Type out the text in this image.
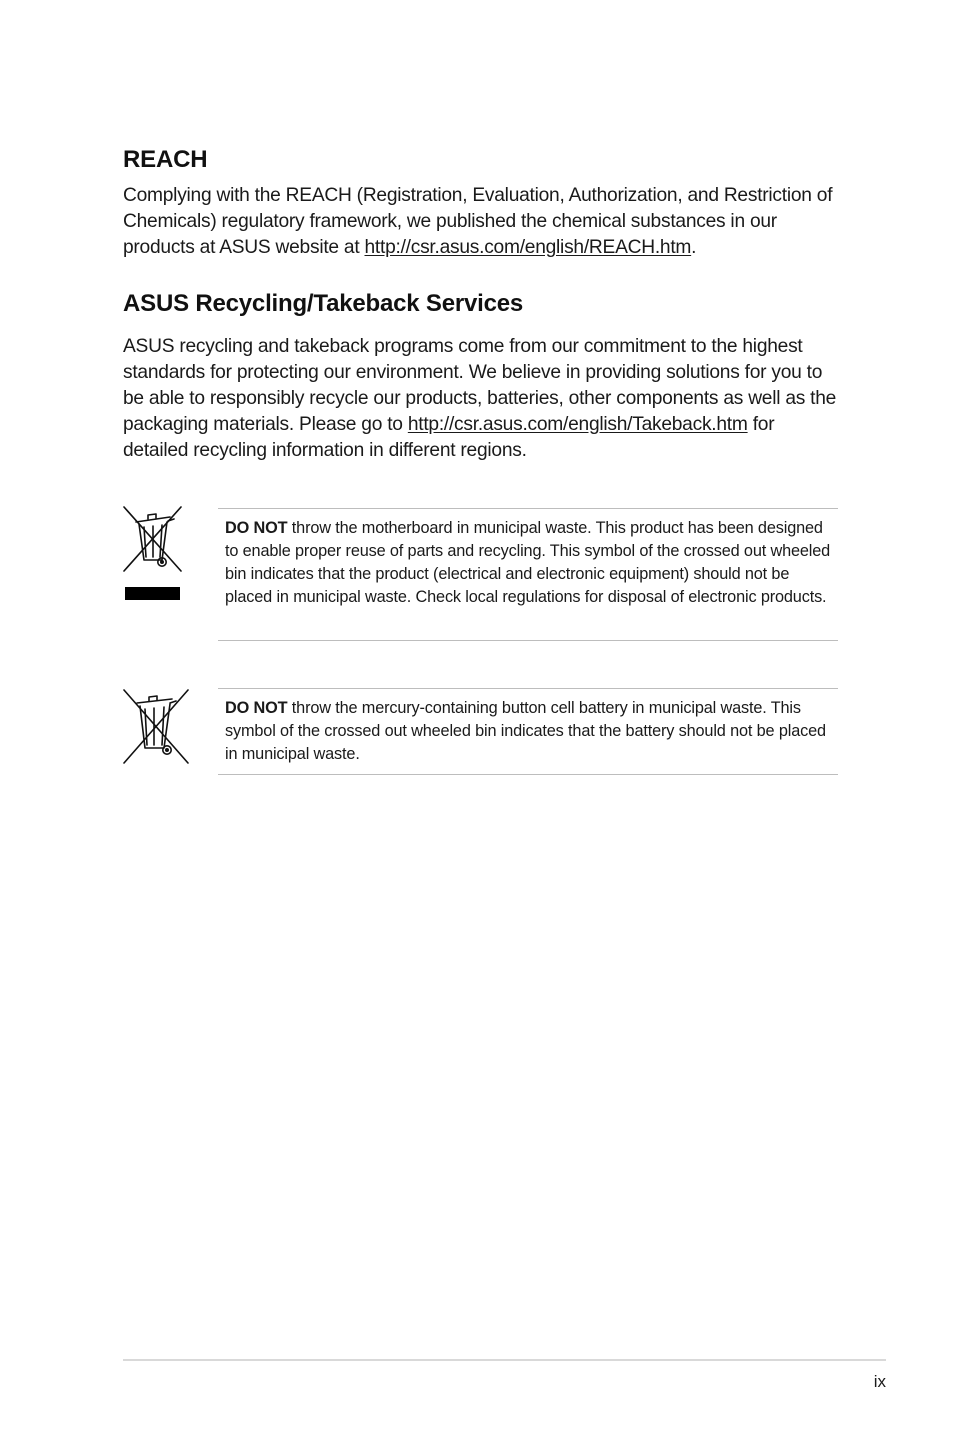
REACH

Complying with the REACH (Registration, Evaluation, Authorization, and Restriction of Chemicals) regulatory framework, we published the chemical substances in our products at ASUS website at http://csr.asus.com/english/REACH.htm.

ASUS Recycling/Takeback Services

ASUS recycling and takeback programs come from our commitment to the highest standards for protecting our environment. We believe in providing solutions for you to be able to responsibly recycle our products, batteries, other components as well as the packaging materials. Please go to http://csr.asus.com/english/Takeback.htm for detailed recycling information in different regions.

DO NOT throw the motherboard in municipal waste. This product has been designed to enable proper reuse of parts and recycling. This symbol of the crossed out wheeled bin indicates that the product (electrical and electronic equipment) should not be placed in municipal waste. Check local regulations for disposal of electronic products.

DO NOT throw the mercury-containing button cell battery in municipal waste. This symbol of the crossed out wheeled bin indicates that the battery should not be placed in municipal waste.

ix
